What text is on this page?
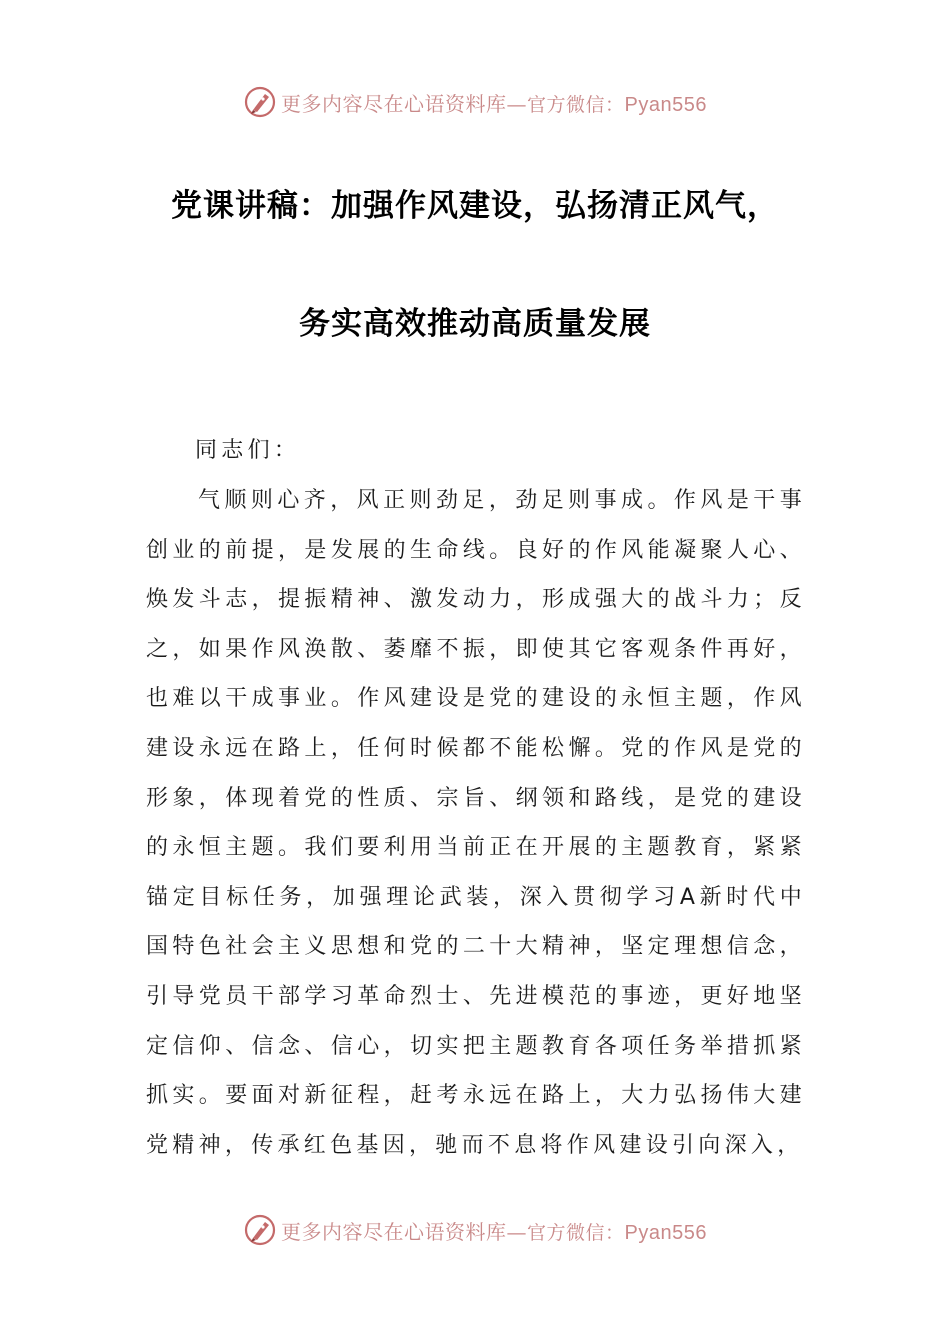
更多内容尽在心语资料库—官方微信：Pyan556
党课讲稿：加强作风建设，弘扬清正风气，
务实高效推动高质量发展
同志们：
气顺则心齐，风正则劲足，劲足则事成。作风是干事创业的前提，是发展的生命线。良好的作风能凝聚人心、焕发斗志，提振精神、激发动力，形成强大的战斗力；反之，如果作风涣散、萎靡不振，即使其它客观条件再好，也难以干成事业。作风建设是党的建设的永恒主题，作风建设永远在路上，任何时候都不能松懈。党的作风是党的形象，体现着党的性质、宗旨、纲领和路线，是党的建设的永恒主题。我们要利用当前正在开展的主题教育，紧紧锚定目标任务，加强理论武装，深入贯彻学习A新时代中国特色社会主义思想和党的二十大精神，坚定理想信念，引导党员干部学习革命烈士、先进模范的事迹，更好地坚定信仰、信念、信心，切实把主题教育各项任务举措抓紧抓实。要面对新征程，赶考永远在路上，大力弘扬伟大建党精神，传承红色基因，驰而不息将作风建设引向深入，
更多内容尽在心语资料库—官方微信：Pyan556
